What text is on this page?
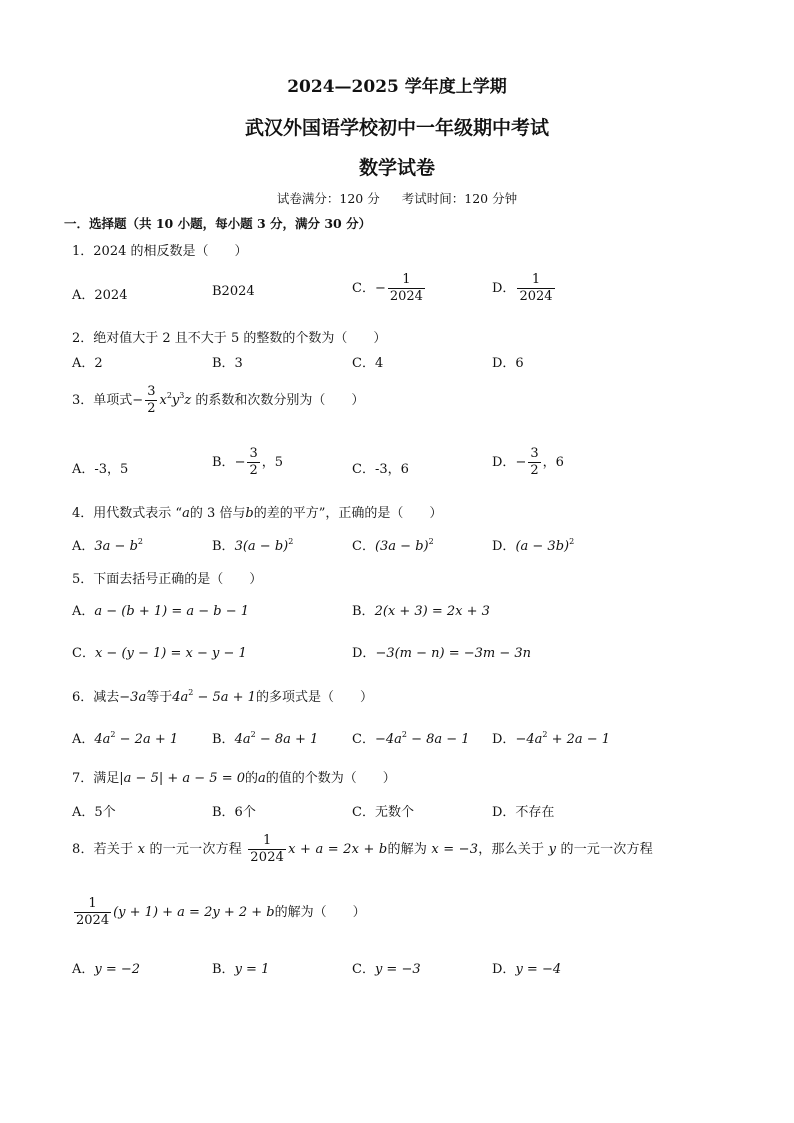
2024—2025 学年度上学期
武汉外国语学校初中一年级期中考试
数学试卷
试卷满分：120 分 考试时间：120 分钟
一．选择题（共 10 小题，每小题 3 分，满分 30 分）
1．2024 的相反数是（　　）
A．2024	B2024	C．− $\frac{1}{2024}$	D． $\frac{1}{2024}$
2．绝对值大于 2 且不大于 5 的整数的个数为（　　）
A．2	B．3	C．4	D．6
3．单项式− $\frac{3}{2} x^2y^3z$ 的系数和次数分别为（　　）
A．-3，5	B．− $\frac{3}{2}$ ，5	C．-3，6	D．− $\frac{3}{2}$ ，6
4．用代数式表示 “a的 3 倍与b的差的平方”，正确的是（　　）
A．$3a - b^2$	B．$3(a - b)^2$	C．$(3a - b)^2$	D．$(a - 3b)^2$
5．下面去括号正确的是（　　）
A．a − (b + 1) = a − b − 1	B．2(x + 3) = 2x + 3
C．x − (y − 1) = x − y − 1	D．−3(m − n) = −3m − 3n
6．减去−3a等于$4a^2 - 5a + 1$的多项式是（　　）
A．$4a^2 - 2a + 1$	B．$4a^2 - 8a + 1$	C．$-4a^2 - 8a - 1$ D．$-4a^2 + 2a - 1$
7．满足|a − 5| + a − 5 = 0的a的值的个数为（　　）
A．5个	B．6个	C．无数个	D．不存在
8．若关于 x 的一元一次方程 $\frac{1}{2024}$ x + a = 2x + b的解为 x = −3，那么关于 y 的一元一次方程
$\frac{1}{2024} (y + 1) + a = 2y + 2 + b$的解为（　　）
A．y = −2	B．y = 1	C．y = −3	D．y = −4
